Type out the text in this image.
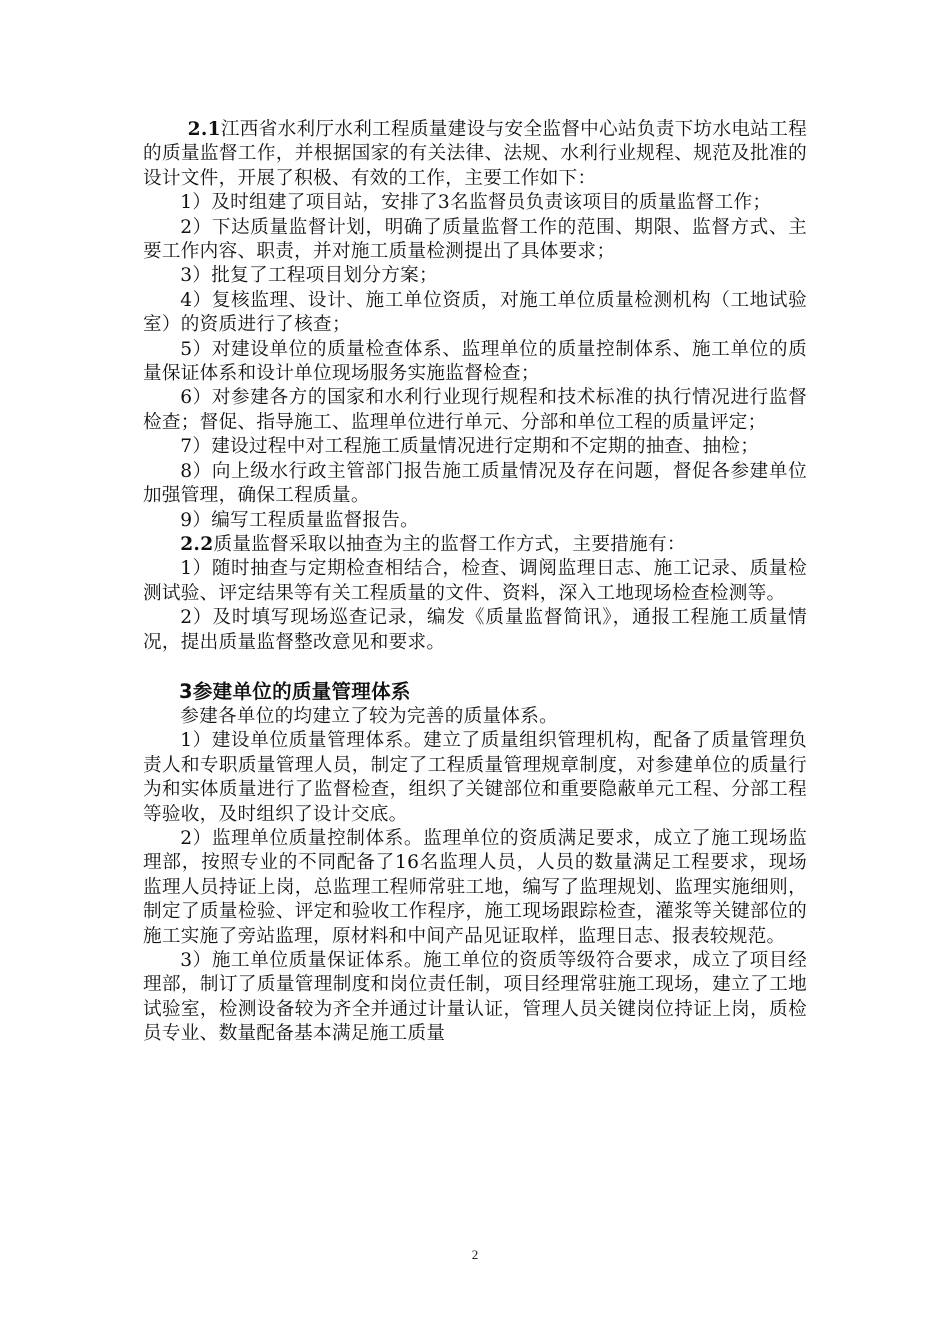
2.1江西省水利厅水利工程质量建设与安全监督中心站负责下坊水电站工程的质量监督工作，并根据国家的有关法律、法规、水利行业规程、规范及批准的设计文件，开展了积极、有效的工作，主要工作如下：

1）及时组建了项目站，安排了3名监督员负责该项目的质量监督工作；

2）下达质量监督计划，明确了质量监督工作的范围、期限、监督方式、主要工作内容、职责，并对施工质量检测提出了具体要求；

3）批复了工程项目划分方案；

4）复核监理、设计、施工单位资质，对施工单位质量检测机构（工地试验室）的资质进行了核查；

5）对建设单位的质量检查体系、监理单位的质量控制体系、施工单位的质量保证体系和设计单位现场服务实施监督检查；

6）对参建各方的国家和水利行业现行规程和技术标准的执行情况进行监督检查；督促、指导施工、监理单位进行单元、分部和单位工程的质量评定；

7）建设过程中对工程施工质量情况进行定期和不定期的抽查、抽检；

8）向上级水行政主管部门报告施工质量情况及存在问题，督促各参建单位加强管理，确保工程质量。

9）编写工程质量监督报告。

2.2质量监督采取以抽查为主的监督工作方式，主要措施有：

1）随时抽查与定期检查相结合，检查、调阅监理日志、施工记录、质量检测试验、评定结果等有关工程质量的文件、资料，深入工地现场检查检测等。

2）及时填写现场巡查记录，编发《质量监督简讯》，通报工程施工质量情况，提出质量监督整改意见和要求。

3参建单位的质量管理体系

参建各单位的均建立了较为完善的质量体系。

1）建设单位质量管理体系。建立了质量组织管理机构，配备了质量管理负责人和专职质量管理人员，制定了工程质量管理规章制度，对参建单位的质量行为和实体质量进行了监督检查，组织了关键部位和重要隐蔽单元工程、分部工程等验收，及时组织了设计交底。

2）监理单位质量控制体系。监理单位的资质满足要求，成立了施工现场监理部，按照专业的不同配备了16名监理人员，人员的数量满足工程要求，现场监理人员持证上岗，总监理工程师常驻工地，编写了监理规划、监理实施细则，制定了质量检验、评定和验收工作程序，施工现场跟踪检查，灌浆等关键部位的施工实施了旁站监理，原材料和中间产品见证取样，监理日志、报表较规范。

3）施工单位质量保证体系。施工单位的资质等级符合要求，成立了项目经理部，制订了质量管理制度和岗位责任制，项目经理常驻施工现场，建立了工地试验室，检测设备较为齐全并通过计量认证，管理人员关键岗位持证上岗，质检员专业、数量配备基本满足施工质量

2
